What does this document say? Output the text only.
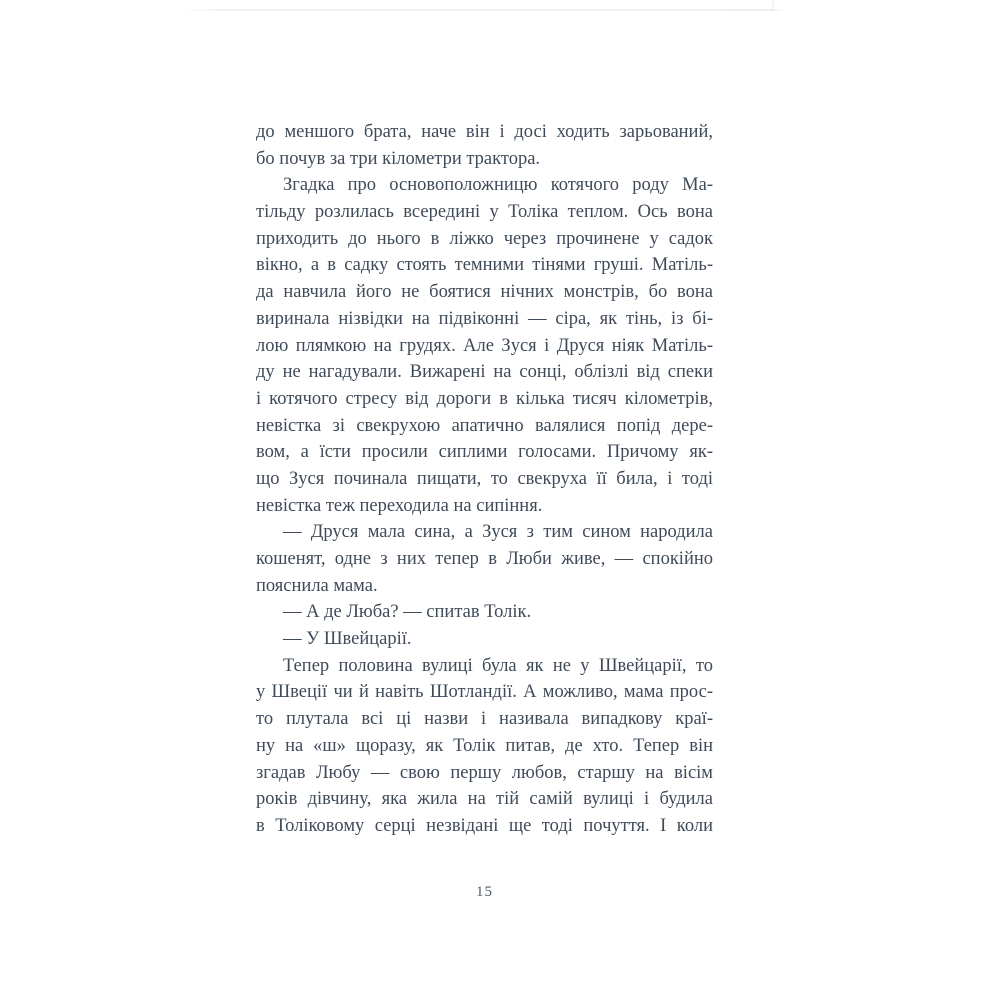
до меншого брата, наче він і досі ходить зарьований,
бо почув за три кілометри трактора.
Згадка про основоположницю котячого роду Ма-
тільду розлилась всередині у Толіка теплом. Ось вона
приходить до нього в ліжко через прочинене у садок
вікно, а в садку стоять темними тінями груші. Матіль-
да навчила його не боятися нічних монстрів, бо вона
виринала нізвідки на підвіконні — сіра, як тінь, із бі-
лою плямкою на грудях. Але Зуся і Друся ніяк Матіль-
ду не нагадували. Вижарені на сонці, облізлі від спеки
і котячого стресу від дороги в кілька тисяч кілометрів,
невістка зі свекрухою апатично валялися попід дере-
вом, а їсти просили сиплими голосами. Причому як-
що Зуся починала пищати, то свекруха її била, і тоді
невістка теж переходила на сипіння.
— Друся мала сина, а Зуся з тим сином народила
кошенят, одне з них тепер в Люби живе, — спокійно
пояснила мама.
— А де Люба? — спитав Толік.
— У Швейцарії.
Тепер половина вулиці була як не у Швейцарії, то
у Швеції чи й навіть Шотландії. А можливо, мама прос-
то плутала всі ці назви і називала випадкову краї-
ну на «ш» щоразу, як Толік питав, де хто. Тепер він
згадав Любу — свою першу любов, старшу на вісім
років дівчину, яка жила на тій самій вулиці і будила
в Толіковому серці незвідані ще тоді почуття. І коли
15
